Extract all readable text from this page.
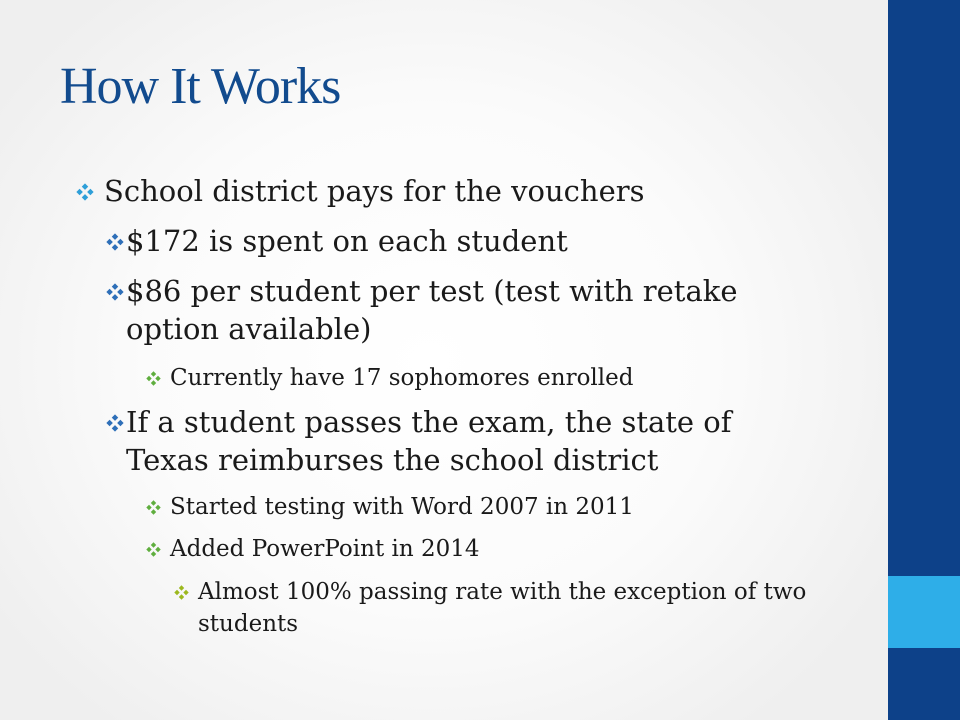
How It Works
School district pays for the vouchers
$172 is spent on each student
$86 per student per test (test with retake option available)
Currently have 17 sophomores enrolled
If a student passes the exam, the state of Texas reimburses the school district
Started testing with Word 2007 in 2011
Added PowerPoint in 2014
Almost 100% passing rate with the exception of two students
